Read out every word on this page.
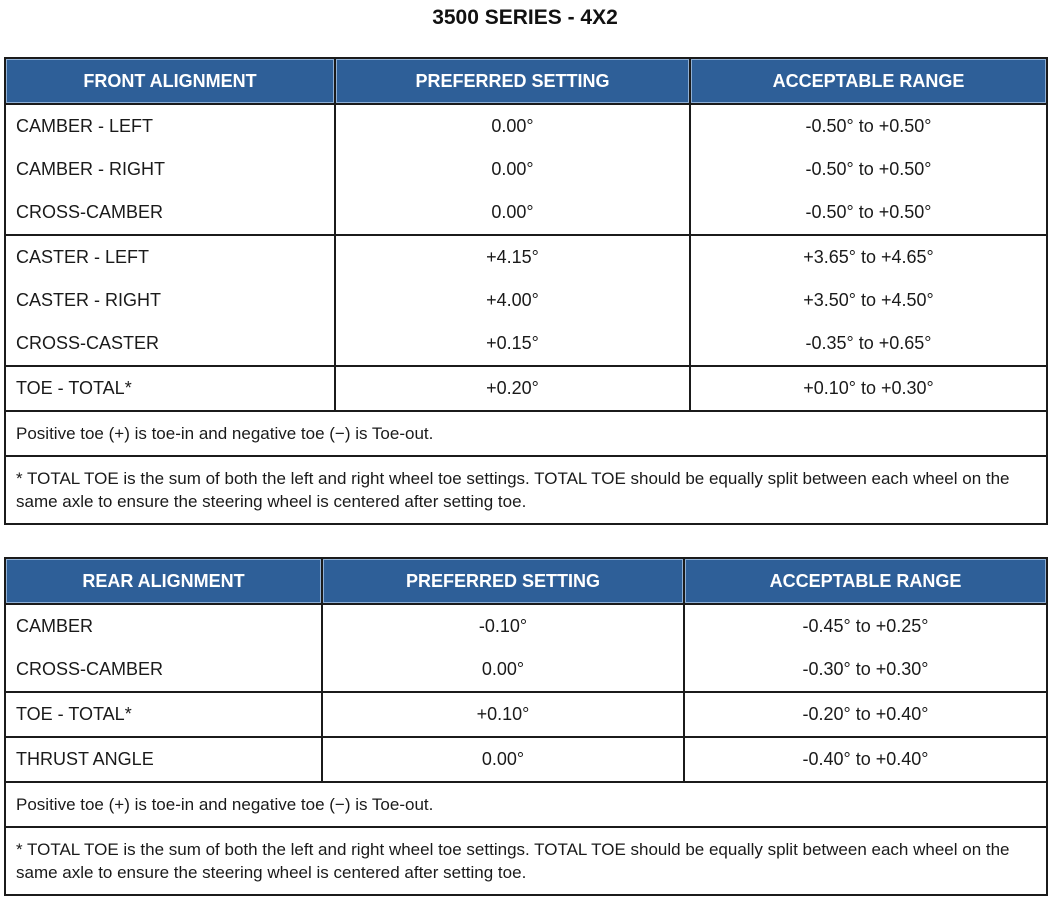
3500 SERIES - 4X2
FRONT ALIGNMENT	PREFERRED SETTING	ACCEPTABLE RANGE
CAMBER - LEFT	0.00°	-0.50° to +0.50°
CAMBER - RIGHT	0.00°	-0.50° to +0.50°
CROSS-CAMBER	0.00°	-0.50° to +0.50°
CASTER - LEFT	+4.15°	+3.65° to +4.65°
CASTER - RIGHT	+4.00°	+3.50° to +4.50°
CROSS-CASTER	+0.15°	-0.35° to +0.65°
TOE - TOTAL*	+0.20°	+0.10° to +0.30°
Positive toe (+) is toe-in and negative toe (−) is Toe-out.		
* TOTAL TOE is the sum of both the left and right wheel toe settings. TOTAL TOE should be equally split between each wheel on the same axle to ensure the steering wheel is centered after setting toe.		
REAR ALIGNMENT	PREFERRED SETTING	ACCEPTABLE RANGE
CAMBER	-0.10°	-0.45° to +0.25°
CROSS-CAMBER	0.00°	-0.30° to +0.30°
TOE - TOTAL*	+0.10°	-0.20° to +0.40°
THRUST ANGLE	0.00°	-0.40° to +0.40°
Positive toe (+) is toe-in and negative toe (−) is Toe-out.		
* TOTAL TOE is the sum of both the left and right wheel toe settings. TOTAL TOE should be equally split between each wheel on the same axle to ensure the steering wheel is centered after setting toe.		
